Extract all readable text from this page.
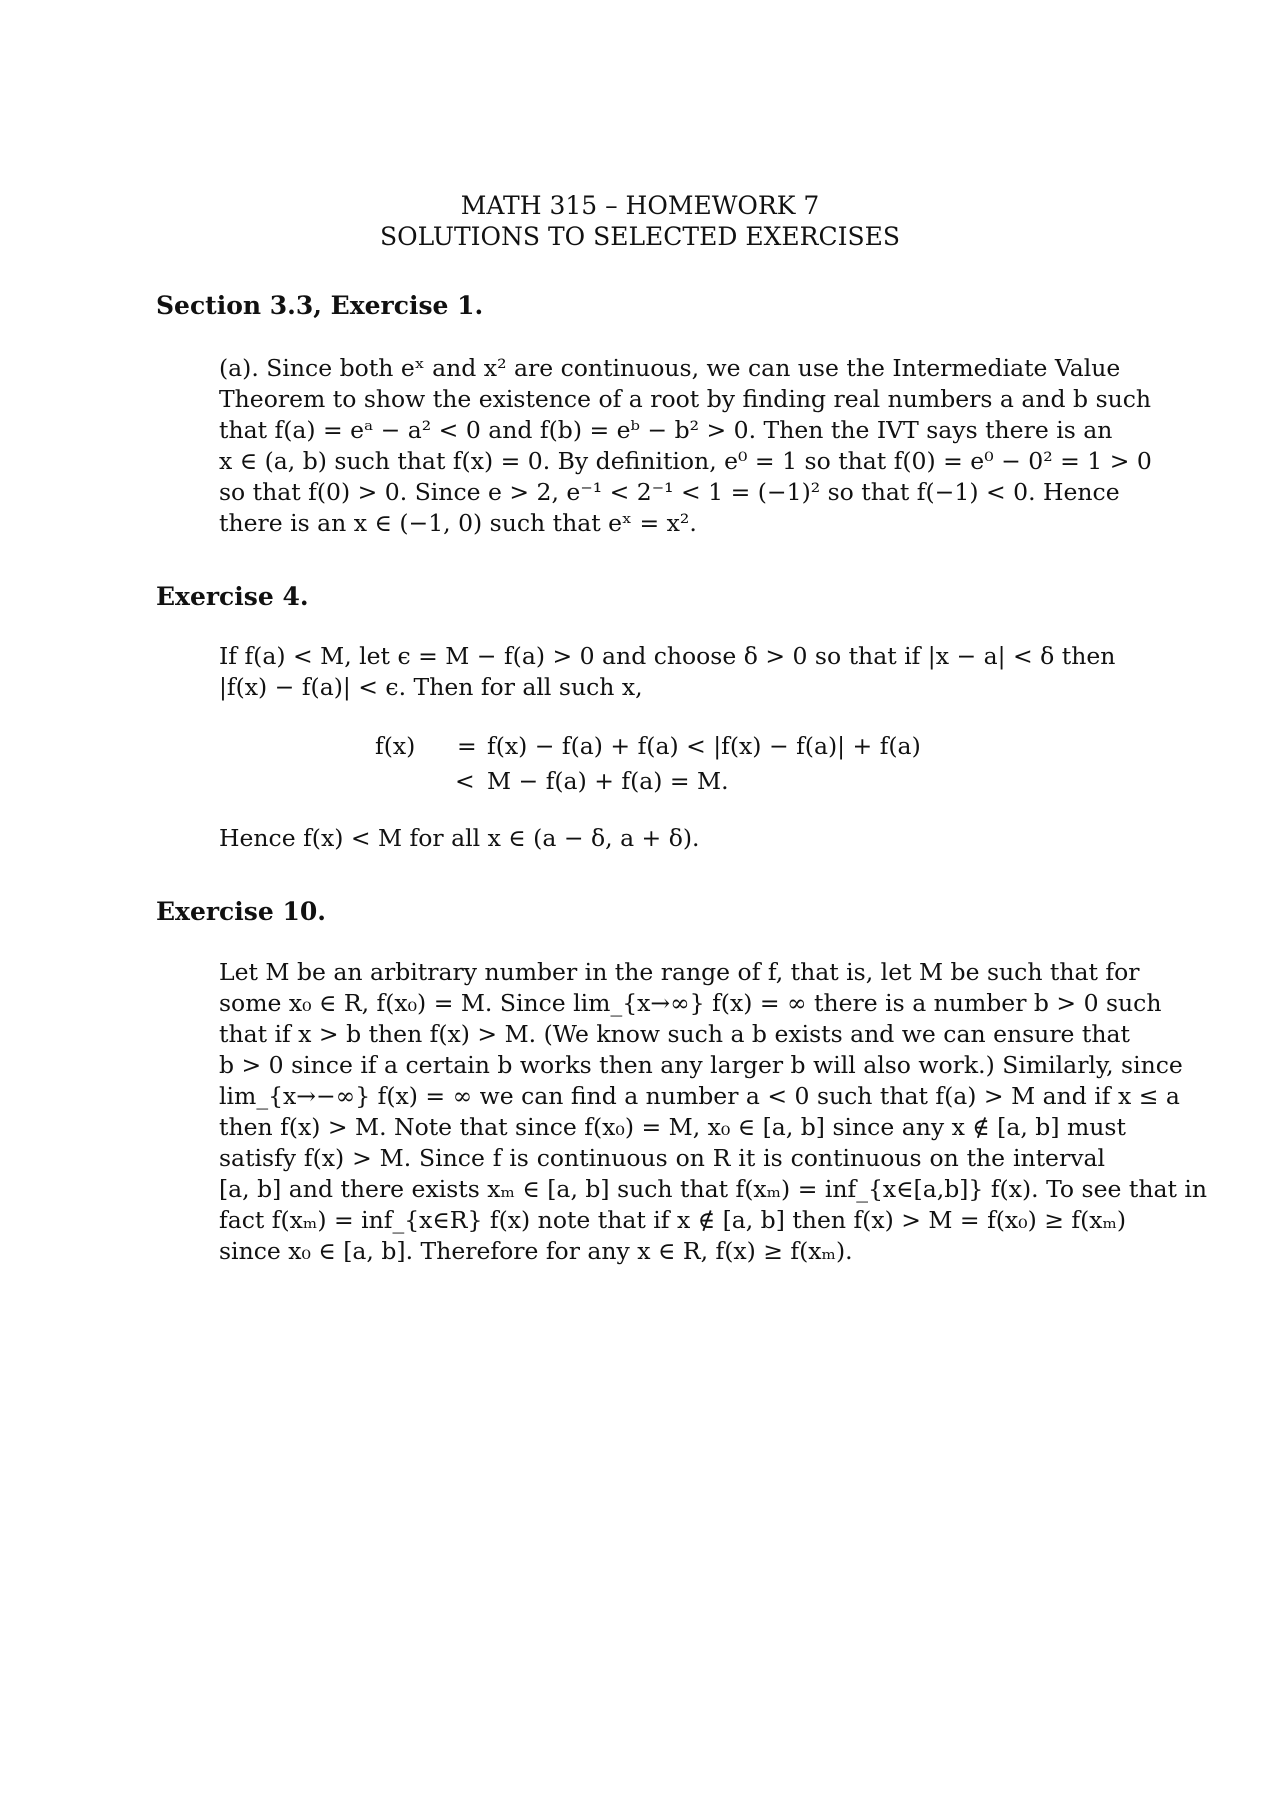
MATH 315 – HOMEWORK 7
SOLUTIONS TO SELECTED EXERCISES
Section 3.3, Exercise 1.
(a). Since both eˣ and x² are continuous, we can use the Intermediate Value
Theorem to show the existence of a root by finding real numbers a and b such
that f(a) = eᵃ − a² < 0 and f(b) = eᵇ − b² > 0. Then the IVT says there is an
x ∈ (a, b) such that f(x) = 0. By definition, e⁰ = 1 so that f(0) = e⁰ − 0² = 1 > 0
so that f(0) > 0. Since e > 2, e⁻¹ < 2⁻¹ < 1 = (−1)² so that f(−1) < 0. Hence
there is an x ∈ (−1, 0) such that eˣ = x².
Exercise 4.
If f(a) < M, let ϵ = M − f(a) > 0 and choose δ > 0 so that if |x − a| < δ then
|f(x) − f(a)| < ϵ. Then for all such x,
f(x) = f(x) − f(a) + f(a) < |f(x) − f(a)| + f(a)
< M − f(a) + f(a) = M.
Hence f(x) < M for all x ∈ (a − δ, a + δ).
Exercise 10.
Let M be an arbitrary number in the range of f, that is, let M be such that for
some x₀ ∈ R, f(x₀) = M. Since lim_{x→∞} f(x) = ∞ there is a number b > 0 such
that if x > b then f(x) > M. (We know such a b exists and we can ensure that
b > 0 since if a certain b works then any larger b will also work.) Similarly, since
lim_{x→−∞} f(x) = ∞ we can find a number a < 0 such that f(a) > M and if x ≤ a
then f(x) > M. Note that since f(x₀) = M, x₀ ∈ [a, b] since any x ∉ [a, b] must
satisfy f(x) > M. Since f is continuous on R it is continuous on the interval
[a, b] and there exists xₘ ∈ [a, b] such that f(xₘ) = inf_{x∈[a,b]} f(x). To see that in
fact f(xₘ) = inf_{x∈R} f(x) note that if x ∉ [a, b] then f(x) > M = f(x₀) ≥ f(xₘ)
since x₀ ∈ [a, b]. Therefore for any x ∈ R, f(x) ≥ f(xₘ).
